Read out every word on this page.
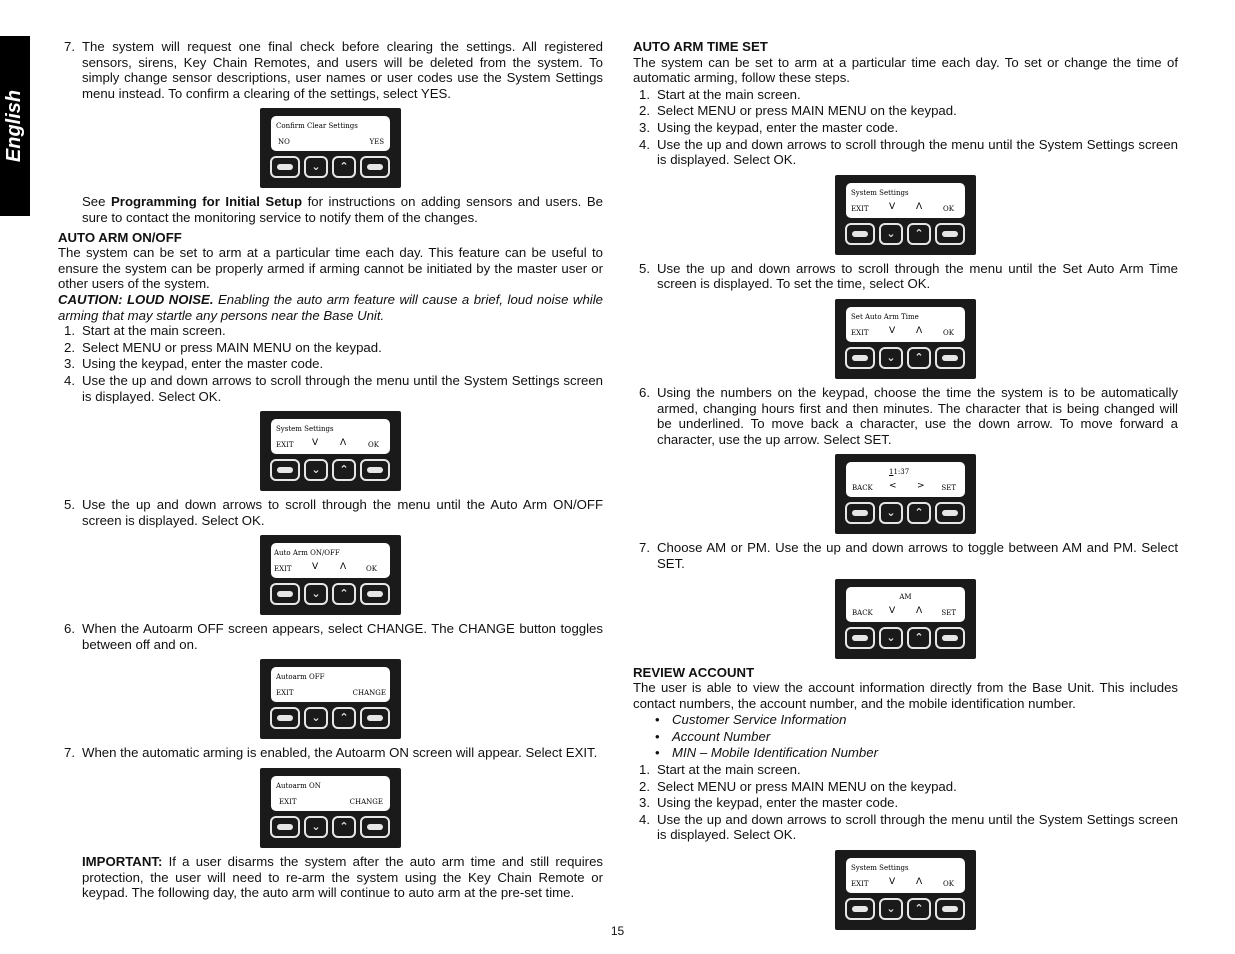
English

7. The system will request one final check before clearing the settings. All registered sensors, sirens, Key Chain Remotes, and users will be deleted from the system. To simply change sensor descriptions, user names or user codes use the System Settings menu instead. To confirm a clearing of the settings, select YES.

Confirm Clear Settings
NO	YES
⌄	⌃

See Programming for Initial Setup for instructions on adding sensors and users. Be sure to contact the monitoring service to notify them of the changes.

AUTO ARM ON/OFF

The system can be set to arm at a particular time each day. This feature can be useful to ensure the system can be properly armed if arming cannot be initiated by the master user or other users of the system.

CAUTION: LOUD NOISE. Enabling the auto arm feature will cause a brief, loud noise while arming that may startle any persons near the Base Unit.

1. Start at the main screen.

2. Select MENU or press MAIN MENU on the keypad.

3. Using the keypad, enter the master code.

4. Use the up and down arrows to scroll through the menu until the System Settings screen is displayed. Select OK.

System Settings
EXIT V Λ	OK
⌄	⌃

5. Use the up and down arrows to scroll through the menu until the Auto Arm ON/OFF screen is displayed. Select OK.

Auto Arm ON/OFF
EXIT V Λ	OK
⌄	⌃

6. When the Autoarm OFF screen appears, select CHANGE. The CHANGE button toggles between off and on.

Autoarm OFF
EXIT	CHANGE
⌄	⌃

7. When the automatic arming is enabled, the Autoarm ON screen will appear. Select EXIT.

Autoarm ON
EXIT	CHANGE
⌄	⌃

IMPORTANT: If a user disarms the system after the auto arm time and still requires protection, the user will need to re-arm the system using the Key Chain Remote or keypad. The following day, the auto arm will continue to auto arm at the pre-set time.

AUTO ARM TIME SET

The system can be set to arm at a particular time each day. To set or change the time of automatic arming, follow these steps.

1. Start at the main screen.

2. Select MENU or press MAIN MENU on the keypad.

3. Using the keypad, enter the master code.

4. Use the up and down arrows to scroll through the menu until the System Settings screen is displayed. Select OK.

System Settings
EXIT V Λ	OK
⌄	⌃

5. Use the up and down arrows to scroll through the menu until the Set Auto Arm Time screen is displayed. To set the time, select OK.

Set Auto Arm Time
EXIT V Λ	OK
⌄	⌃

6. Using the numbers on the keypad, choose the time the system is to be automatically armed, changing hours first and then minutes. The character that is being changed will be underlined. To move back a character, use the down arrow. To move forward a character, use the up arrow. Select SET.

11:37
BACK < > SET
⌄	⌃

7. Choose AM or PM. Use the up and down arrows to toggle between AM and PM. Select SET.

AM
BACK V Λ	SET
⌄	⌃

REVIEW ACCOUNT

The user is able to view the account information directly from the Base Unit. This includes contact numbers, the account number, and the mobile identification number.

• Customer Service Information

• Account Number

• MIN – Mobile Identification Number

1. Start at the main screen.

2. Select MENU or press MAIN MENU on the keypad.

3. Using the keypad, enter the master code.

4. Use the up and down arrows to scroll through the menu until the System Settings screen is displayed. Select OK.

System Settings
EXIT V Λ	OK
⌄	⌃
15
